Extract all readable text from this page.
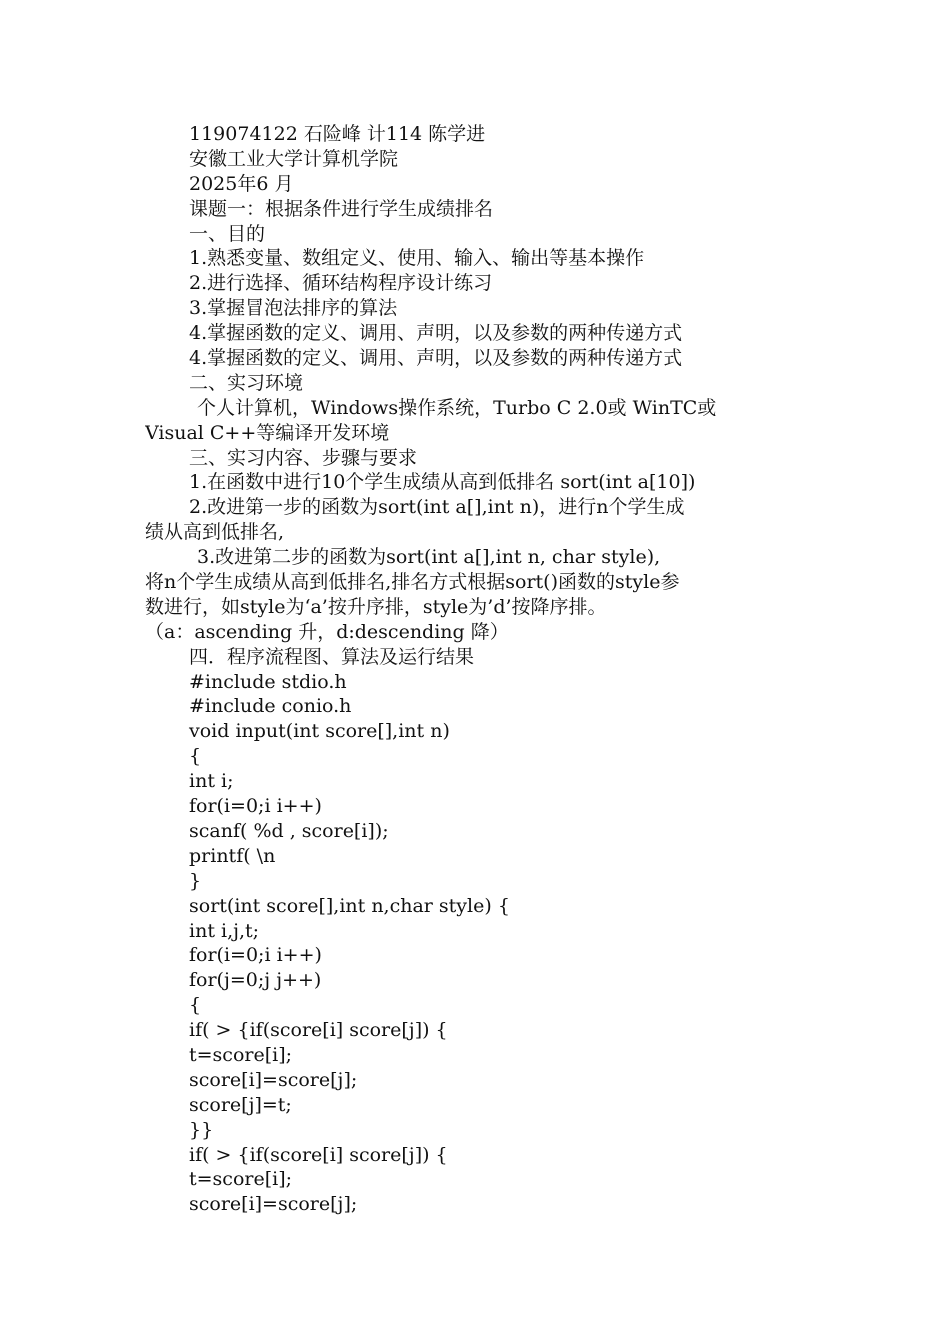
119074122 石险峰 计114 陈学进
安徽工业大学计算机学院
2025年6 月
课题一：根据条件进行学生成绩排名
一、目的
1.熟悉变量、数组定义、使用、输入、输出等基本操作
2.进行选择、循环结构程序设计练习
3.掌握冒泡法排序的算法
4.掌握函数的定义、调用、声明，以及参数的两种传递方式
4.掌握函数的定义、调用、声明，以及参数的两种传递方式
二、实习环境
个人计算机，Windows操作系统，Turbo C 2.0或 WinTC或
Visual C++等编译开发环境
三、实习内容、步骤与要求
1.在函数中进行10个学生成绩从高到低排名 sort(int a[10])
2.改进第一步的函数为sort(int a[],int n)，进行n个学生成
绩从高到低排名,
3.改进第二步的函数为sort(int a[],int n, char style),
将n个学生成绩从高到低排名,排名方式根据sort()函数的style参
数进行，如style为‘a’按升序排，style为’d’按降序排。
（a：ascending 升，d:descending 降）
四．程序流程图、算法及运行结果
#include stdio.h
#include conio.h
void input(int score[],int n)
{
int i;
for(i=0;i i++)
scanf( %d , score[i]);
printf( \n
}
sort(int score[],int n,char style) {
int i,j,t;
for(i=0;i i++)
for(j=0;j j++)
{
if( > {if(score[i] score[j]) {
t=score[i];
score[i]=score[j];
score[j]=t;
}}
if( > {if(score[i] score[j]) {
t=score[i];
score[i]=score[j];
